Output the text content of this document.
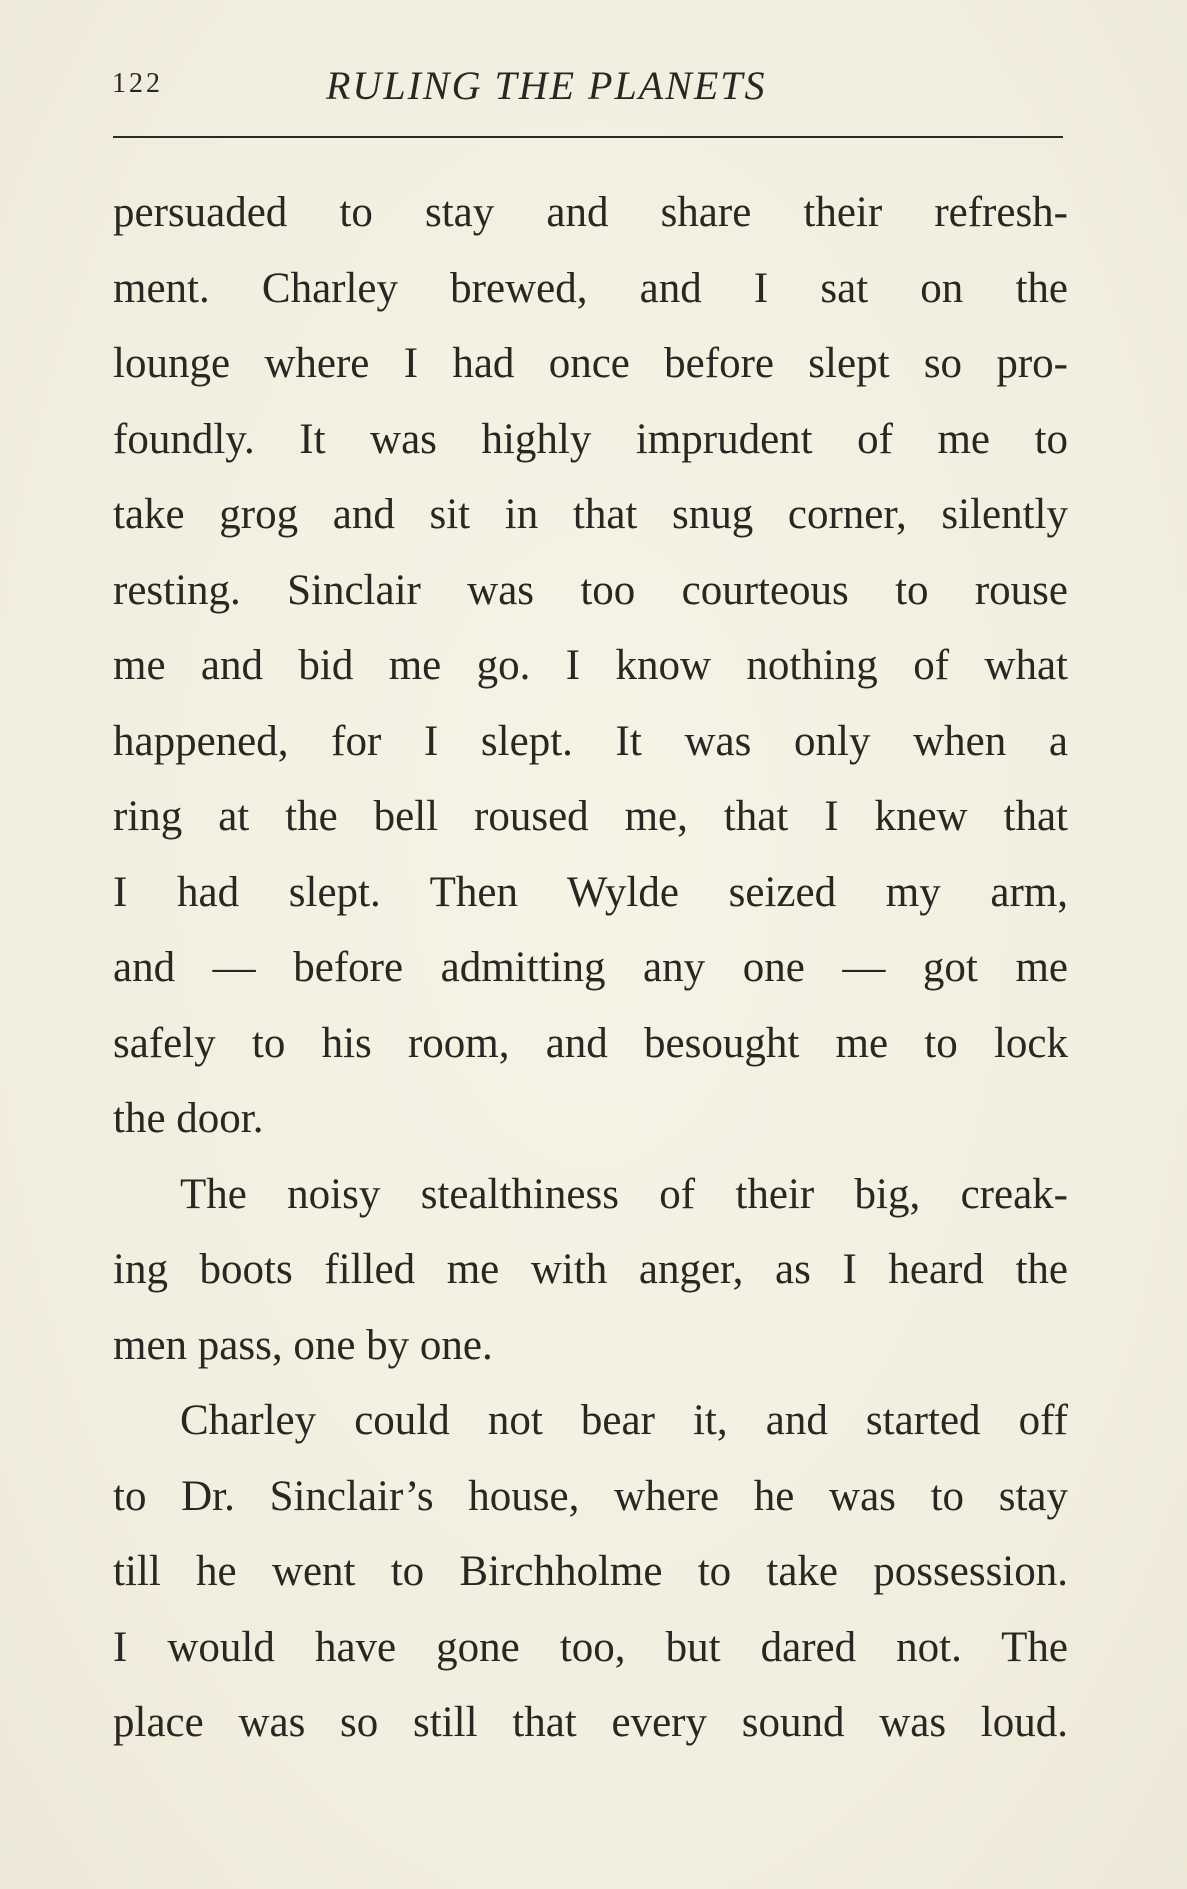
122	RULING THE PLANETS
persuaded to stay and share their refresh-
ment. Charley brewed, and I sat on the
lounge where I had once before slept so pro-
foundly. It was highly imprudent of me to
take grog and sit in that snug corner, silently
resting. Sinclair was too courteous to rouse
me and bid me go. I know nothing of what
happened, for I slept. It was only when a
ring at the bell roused me, that I knew that
I had slept. Then Wylde seized my arm,
and — before admitting any one — got me
safely to his room, and besought me to lock
the door.
The noisy stealthiness of their big, creak-
ing boots filled me with anger, as I heard the
men pass, one by one.
Charley could not bear it, and started off
to Dr. Sinclair’s house, where he was to stay
till he went to Birchholme to take possession.
I would have gone too, but dared not. The
place was so still that every sound was loud.
